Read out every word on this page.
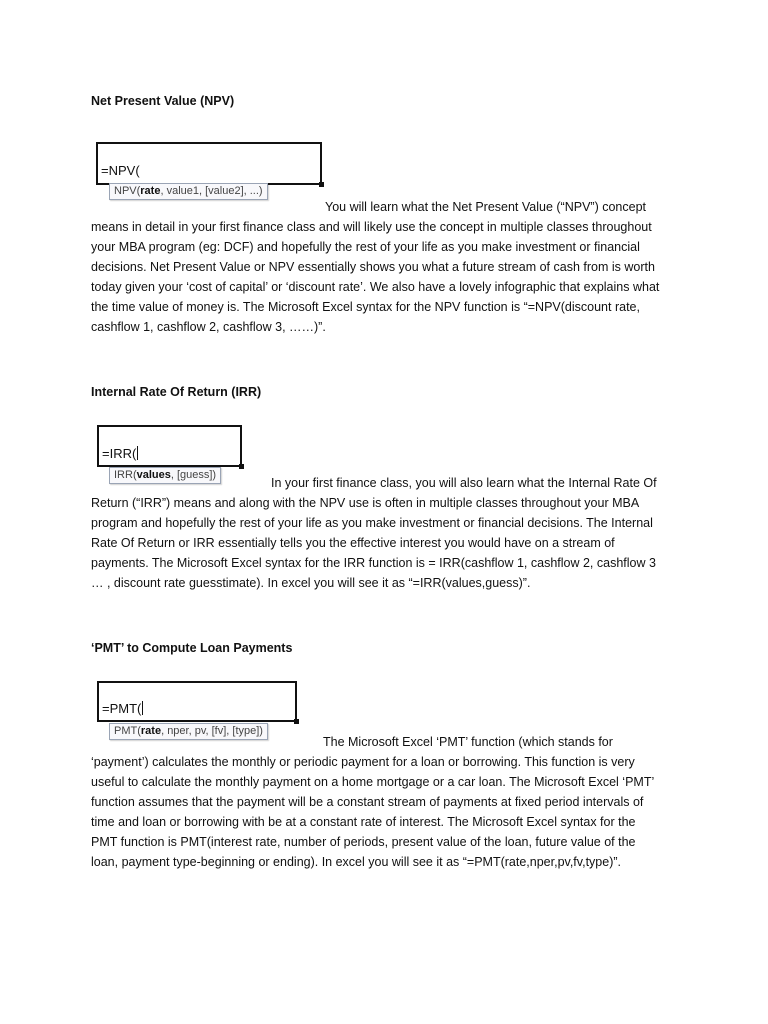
Net Present Value (NPV)
=NPV(
NPV(rate, value1, [value2], ...)

You will learn what the Net Present Value (“NPV”) concept means in detail in your first finance class and will likely use the concept in multiple classes throughout your MBA program (eg: DCF) and hopefully the rest of your life as you make investment or financial decisions. Net Present Value or NPV essentially shows you what a future stream of cash from is worth today given your ‘cost of capital’ or ‘discount rate’. We also have a lovely infographic that explains what the time value of money is. The Microsoft Excel syntax for the NPV function is “=NPV(discount rate, cashflow 1, cashflow 2, cashflow 3, ……)”.

Internal Rate Of Return (IRR)
=IRR(
IRR(values, [guess])

In your first finance class, you will also learn what the Internal Rate Of Return (“IRR”) means and along with the NPV use is often in multiple classes throughout your MBA program and hopefully the rest of your life as you make investment or financial decisions. The Internal Rate Of Return or IRR essentially tells you the effective interest you would have on a stream of payments. The Microsoft Excel syntax for the IRR function is = IRR(cashflow 1, cashflow 2, cashflow 3 … , discount rate guesstimate). In excel you will see it as “=IRR(values,guess)”.

‘PMT’ to Compute Loan Payments
=PMT(
PMT(rate, nper, pv, [fv], [type])

The Microsoft Excel ‘PMT’ function (which stands for ‘payment’) calculates the monthly or periodic payment for a loan or borrowing. This function is very useful to calculate the monthly payment on a home mortgage or a car loan. The Microsoft Excel ‘PMT’ function assumes that the payment will be a constant stream of payments at fixed period intervals of time and loan or borrowing with be at a constant rate of interest. The Microsoft Excel syntax for the PMT function is PMT(interest rate, number of periods, present value of the loan, future value of the loan, payment type-beginning or ending). In excel you will see it as “=PMT(rate,nper,pv,fv,type)”.
